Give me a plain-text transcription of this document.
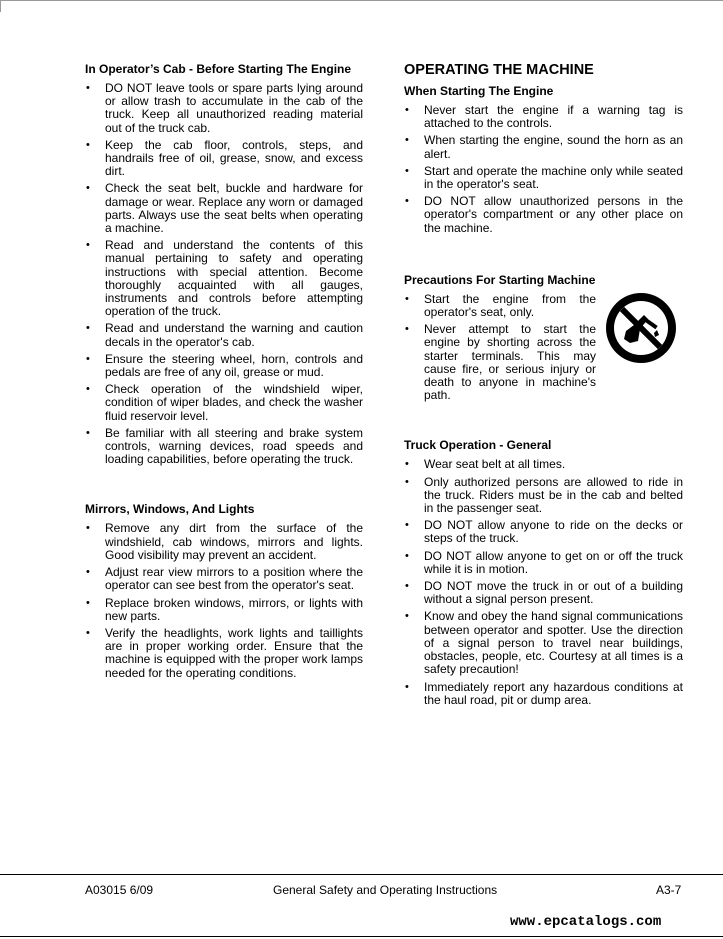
In Operator’s Cab - Before Starting The Engine
• DO NOT leave tools or spare parts lying around or allow trash to accumulate in the cab of the truck. Keep all unauthorized reading material out of the truck cab.
• Keep the cab floor, controls, steps, and handrails free of oil, grease, snow, and excess dirt.
• Check the seat belt, buckle and hardware for damage or wear. Replace any worn or damaged parts. Always use the seat belts when operating a machine.
• Read and understand the contents of this manual pertaining to safety and operating instructions with special attention. Become thoroughly acquainted with all gauges, instruments and controls before attempting operation of the truck.
• Read and understand the warning and caution decals in the operator's cab.
• Ensure the steering wheel, horn, controls and pedals are free of any oil, grease or mud.
• Check operation of the windshield wiper, condition of wiper blades, and check the washer fluid reservoir level.
• Be familiar with all steering and brake system controls, warning devices, road speeds and loading capabilities, before operating the truck.
Mirrors, Windows, And Lights
• Remove any dirt from the surface of the windshield, cab windows, mirrors and lights. Good visibility may prevent an accident.
• Adjust rear view mirrors to a position where the operator can see best from the operator's seat.
• Replace broken windows, mirrors, or lights with new parts.
• Verify the headlights, work lights and taillights are in proper working order. Ensure that the machine is equipped with the proper work lamps needed for the operating conditions.
OPERATING THE MACHINE
When Starting The Engine
• Never start the engine if a warning tag is attached to the controls.
• When starting the engine, sound the horn as an alert.
• Start and operate the machine only while seated in the operator's seat.
• DO NOT allow unauthorized persons in the operator's compartment or any other place on the machine.
Precautions For Starting Machine
• Start the engine from the operator's seat, only.
• Never attempt to start the engine by shorting across the starter terminals. This may cause fire, or serious injury or death to anyone in machine's path.
Truck Operation - General
• Wear seat belt at all times.
• Only authorized persons are allowed to ride in the truck. Riders must be in the cab and belted in the passenger seat.
• DO NOT allow anyone to ride on the decks or steps of the truck.
• DO NOT allow anyone to get on or off the truck while it is in motion.
• DO NOT move the truck in or out of a building without a signal person present.
• Know and obey the hand signal communications between operator and spotter. Use the direction of a signal person to travel near buildings, obstacles, people, etc. Courtesy at all times is a safety precaution!
• Immediately report any hazardous conditions at the haul road, pit or dump area.
A03015 6/09	General Safety and Operating Instructions	A3-7
www.epcatalogs.com
